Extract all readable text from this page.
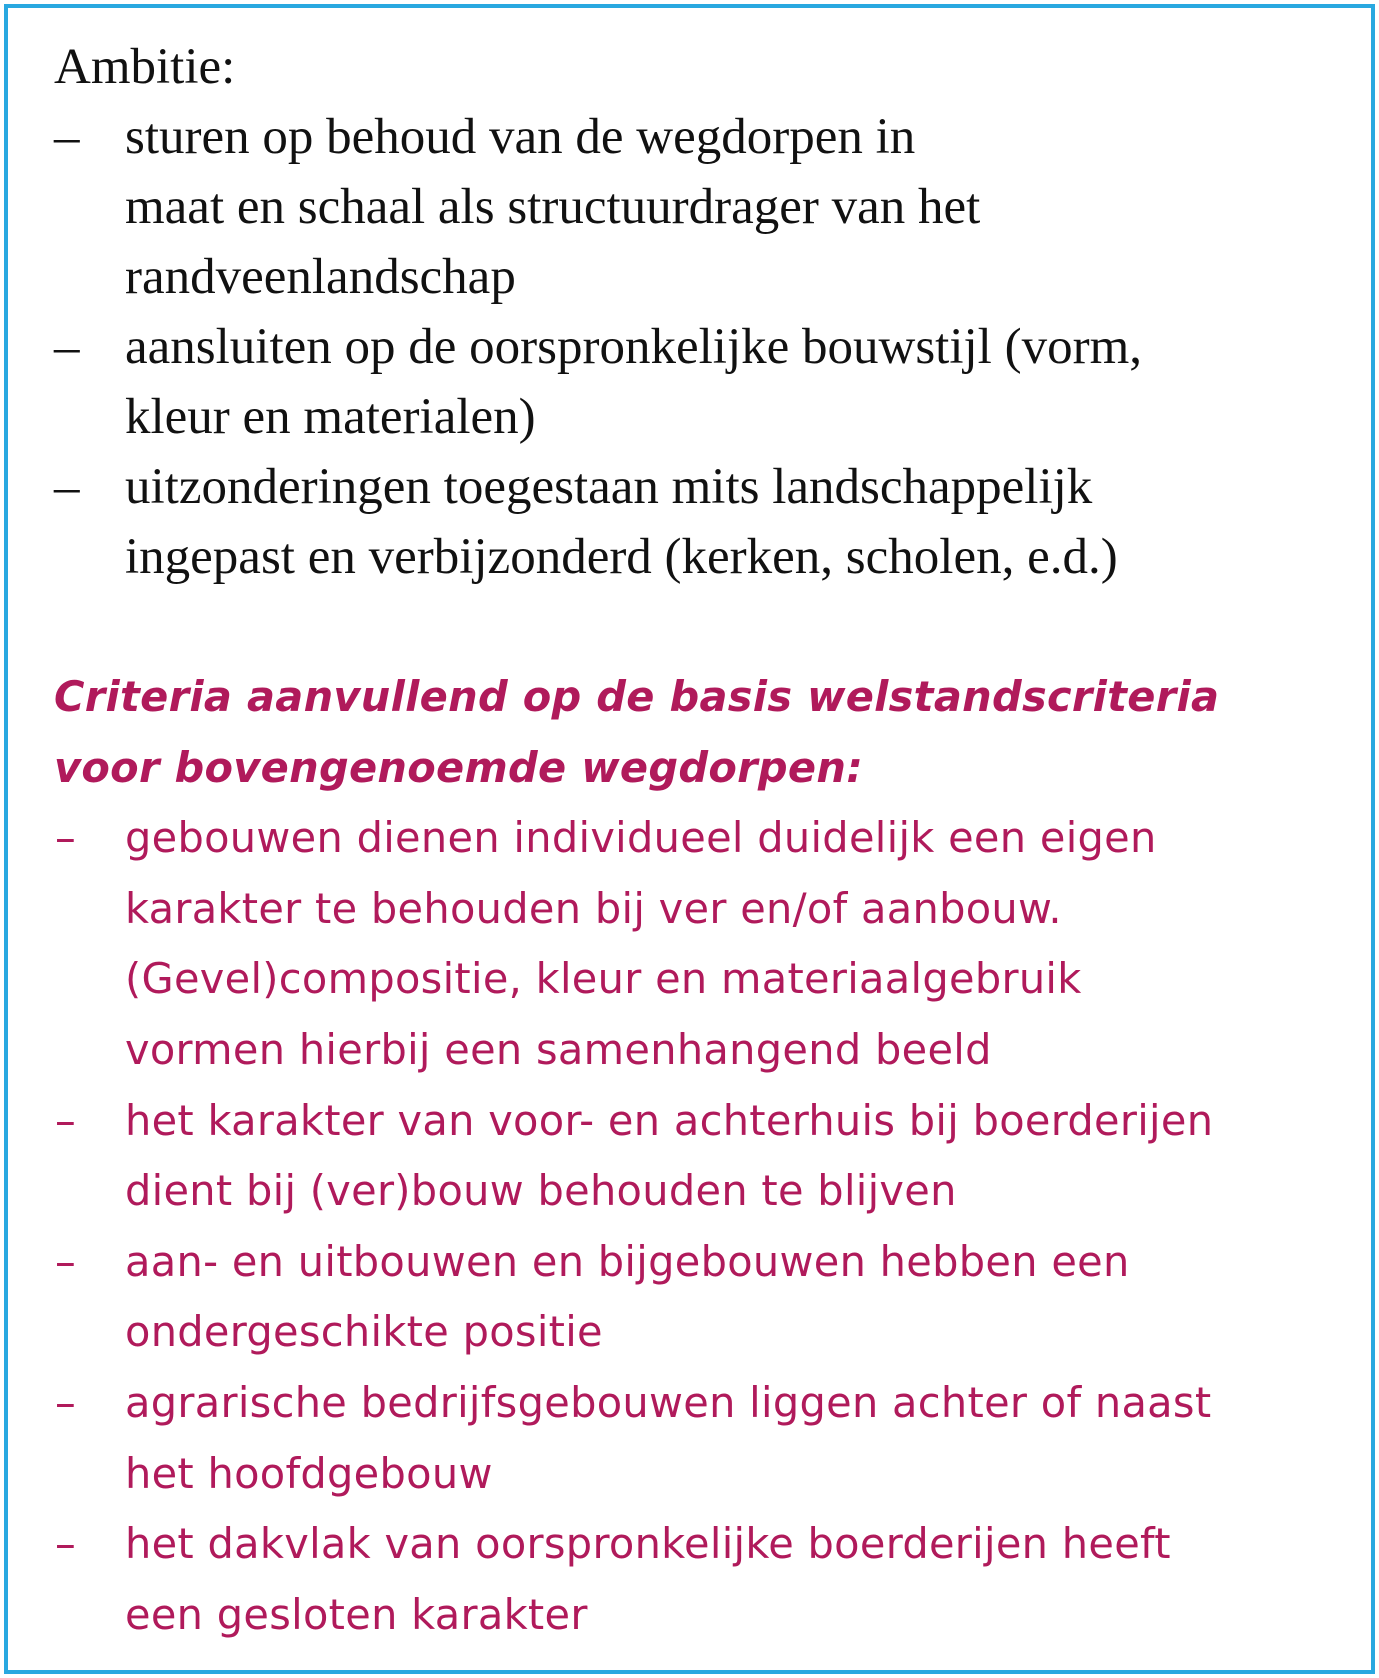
Ambitie:

– sturen op behoud van de wegdorpen in
maat en schaal als structuurdrager van het
randveenlandschap
– aansluiten op de oorspronkelijke bouwstijl (vorm,
kleur en materialen)
– uitzonderingen toegestaan mits landschappelijk
ingepast en verbijzonderd (kerken, scholen, e.d.)
Criteria aanvullend op de basis welstandscriteria
voor bovengenoemde wegdorpen:
– gebouwen dienen individueel duidelijk een eigen
karakter te behouden bij ver en/of aanbouw.
(Gevel)compositie, kleur en materiaalgebruik
vormen hierbij een samenhangend beeld
– het karakter van voor- en achterhuis bij boerderijen
dient bij (ver)bouw behouden te blijven
– aan- en uitbouwen en bijgebouwen hebben een
ondergeschikte positie
– agrarische bedrijfsgebouwen liggen achter of naast
het hoofdgebouw
– het dakvlak van oorspronkelijke boerderijen heeft
een gesloten karakter
